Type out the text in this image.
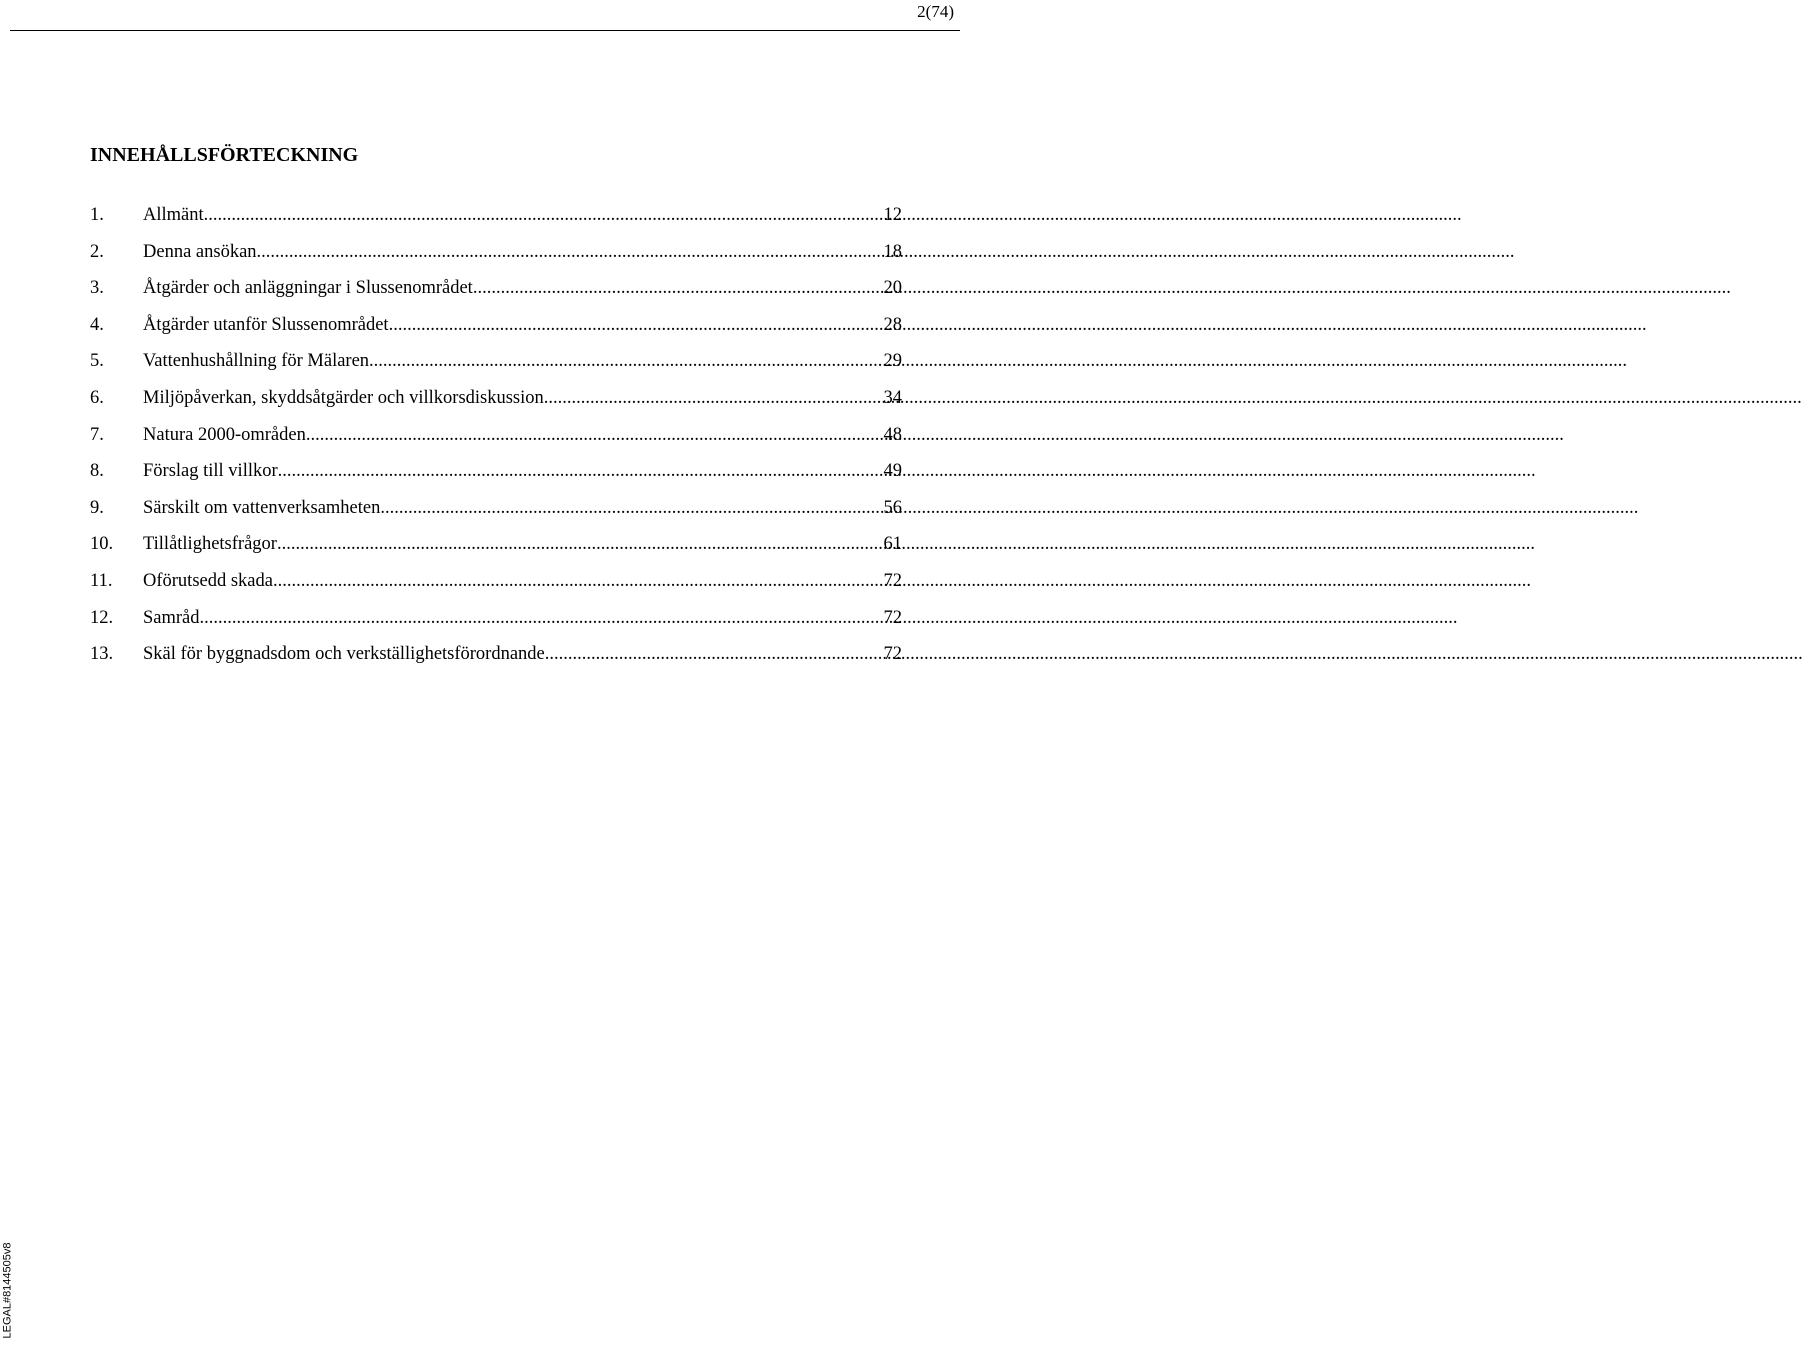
2(74)
INNEHÅLLSFÖRTECKNING
1.	Allmänt .....	12
2.	Denna ansökan .....	18
3.	Åtgärder och anläggningar i Slussenområdet .....	20
4.	Åtgärder utanför Slussenområdet .....	28
5.	Vattenhushållning för Mälaren .....	29
6.	Miljöpåverkan, skyddsåtgärder och villkorsdiskussion .....	34
7.	Natura 2000-områden .....	48
8.	Förslag till villkor .....	49
9.	Särskilt om vattenverksamheten .....	56
10.	Tillåtlighetsfrågor .....	61
11.	Oförutsedd skada .....	72
12.	Samråd .....	72
13.	Skäl för byggnadsdom och verkställighetsförordnande .....	72
LEGAL#8144505v8
